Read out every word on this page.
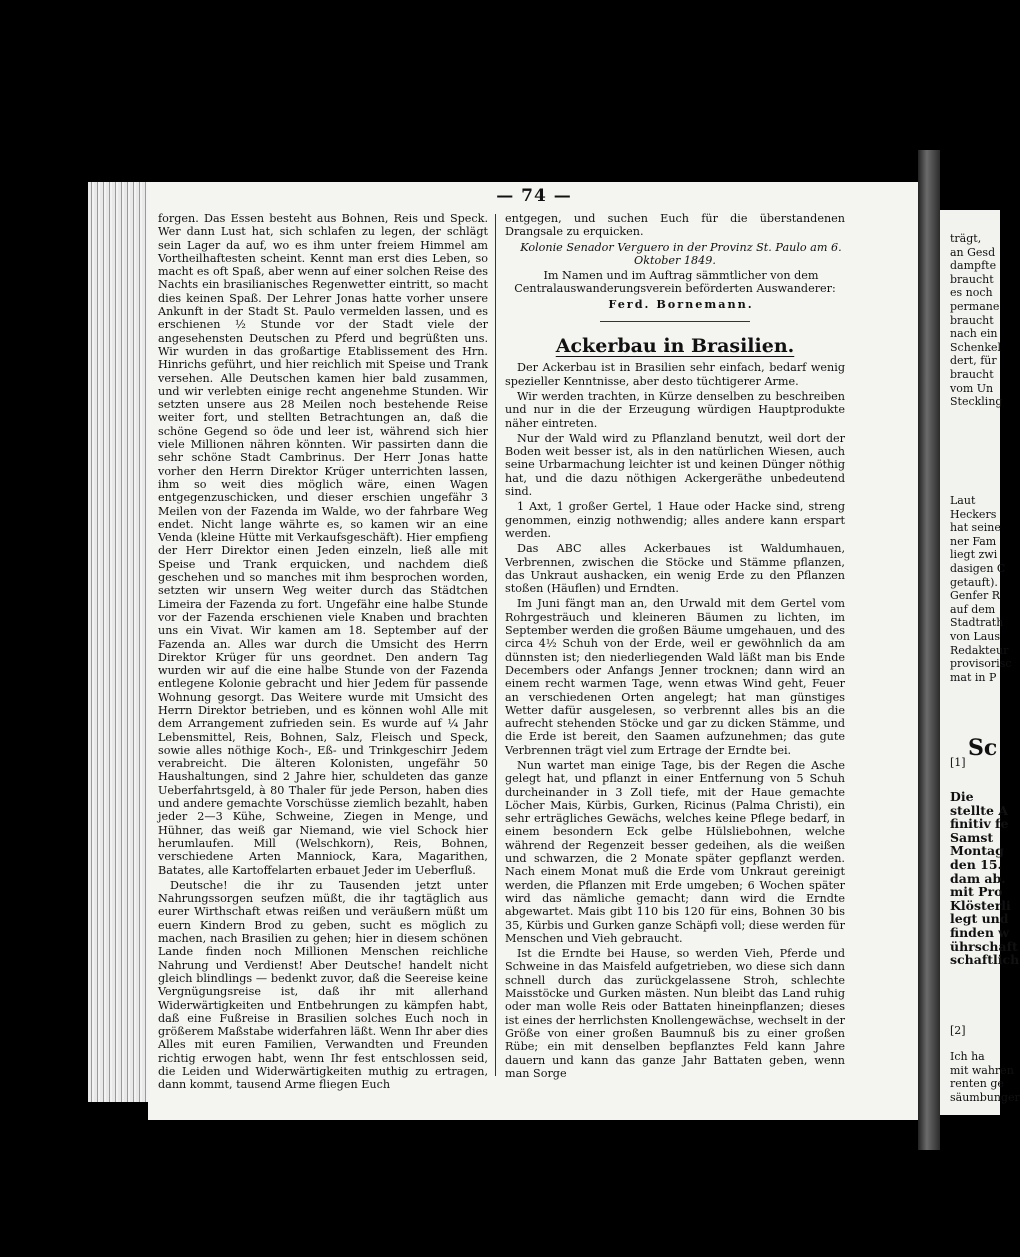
— 74 —

forgen. Das Essen besteht aus Bohnen, Reis und Speck. Wer dann Lust hat, sich schlafen zu legen, der schlägt sein Lager da auf, wo es ihm unter freiem Himmel am Vortheilhaftesten scheint. Kennt man erst dies Leben, so macht es oft Spaß, aber wenn auf einer solchen Reise des Nachts ein brasilianisches Regenwetter eintritt, so macht dies keinen Spaß. Der Lehrer Jonas hatte vorher unsere Ankunft in der Stadt St. Paulo vermelden lassen, und es erschienen ½ Stunde vor der Stadt viele der angesehensten Deutschen zu Pferd und begrüßten uns. Wir wurden in das großartige Etablissement des Hrn. Hinrichs geführt, und hier reichlich mit Speise und Trank versehen. Alle Deutschen kamen hier bald zusammen, und wir verlebten einige recht angenehme Stunden. Wir setzten unsere aus 28 Meilen noch bestehende Reise weiter fort, und stellten Betrachtungen an, daß die schöne Gegend so öde und leer ist, während sich hier viele Millionen nähren könnten. Wir passirten dann die sehr schöne Stadt Cambrinus. Der Herr Jonas hatte vorher den Herrn Direktor Krüger unterrichten lassen, ihm so weit dies möglich wäre, einen Wagen entgegenzuschicken, und dieser erschien ungefähr 3 Meilen von der Fazenda im Walde, wo der fahrbare Weg endet. Nicht lange währte es, so kamen wir an eine Venda (kleine Hütte mit Verkaufsgeschäft). Hier empfieng der Herr Direktor einen Jeden einzeln, ließ alle mit Speise und Trank erquicken, und nachdem dieß geschehen und so manches mit ihm besprochen worden, setzten wir unsern Weg weiter durch das Städtchen Limeira der Fazenda zu fort. Ungefähr eine halbe Stunde vor der Fazenda erschienen viele Knaben und brachten uns ein Vivat. Wir kamen am 18. September auf der Fazenda an. Alles war durch die Umsicht des Herrn Direktor Krüger für uns geordnet. Den andern Tag wurden wir auf die eine halbe Stunde von der Fazenda entlegene Kolonie gebracht und hier Jedem für passende Wohnung gesorgt. Das Weitere wurde mit Umsicht des Herrn Direktor betrieben, und es können wohl Alle mit dem Arrangement zufrieden sein. Es wurde auf ¼ Jahr Lebensmittel, Reis, Bohnen, Salz, Fleisch und Speck, sowie alles nöthige Koch-, Eß- und Trinkgeschirr Jedem verabreicht. Die älteren Kolonisten, ungefähr 50 Haushaltungen, sind 2 Jahre hier, schuldeten das ganze Ueberfahrtsgeld, à 80 Thaler für jede Person, haben dies und andere gemachte Vorschüsse ziemlich bezahlt, haben jeder 2—3 Kühe, Schweine, Ziegen in Menge, und Hühner, das weiß gar Niemand, wie viel Schock hier herumlaufen. Mill (Welschkorn), Reis, Bohnen, verschiedene Arten Manniock, Kara, Magarithen, Batates, alle Kartoffelarten erbauet Jeder im Ueberfluß.

Deutsche! die ihr zu Tausenden jetzt unter Nahrungssorgen seufzen müßt, die ihr tagtäglich aus eurer Wirthschaft etwas reißen und veräußern müßt um euern Kindern Brod zu geben, sucht es möglich zu machen, nach Brasilien zu gehen; hier in diesem schönen Lande finden noch Millionen Menschen reichliche Nahrung und Verdienst! Aber Deutsche! handelt nicht gleich blindlings — bedenkt zuvor, daß die Seereise keine Vergnügungsreise ist, daß ihr mit allerhand Widerwärtigkeiten und Entbehrungen zu kämpfen habt, daß eine Fußreise in Brasilien solches Euch noch in größerem Maßstabe widerfahren läßt. Wenn Ihr aber dies Alles mit euren Familien, Verwandten und Freunden richtig erwogen habt, wenn Ihr fest entschlossen seid, die Leiden und Widerwärtigkeiten muthig zu ertragen, dann kommt, tausend Arme fliegen Euch

entgegen, und suchen Euch für die überstandenen Drangsale zu erquicken.

Kolonie Senador Verguero in der Provinz St. Paulo am 6. Oktober 1849.

Im Namen und im Auftrag sämmtlicher von dem Centralauswanderungsverein beförderten Auswanderer:

Ferd. Bornemann.

Ackerbau in Brasilien.

Der Ackerbau ist in Brasilien sehr einfach, bedarf wenig spezieller Kenntnisse, aber desto tüchtigerer Arme.

Wir werden trachten, in Kürze denselben zu beschreiben und nur in die der Erzeugung würdigen Hauptprodukte näher eintreten.

Nur der Wald wird zu Pflanzland benutzt, weil dort der Boden weit besser ist, als in den natürlichen Wiesen, auch seine Urbarmachung leichter ist und keinen Dünger nöthig hat, und die dazu nöthigen Ackergeräthe unbedeutend sind.

1 Axt, 1 großer Gertel, 1 Haue oder Hacke sind, streng genommen, einzig nothwendig; alles andere kann erspart werden.

Das ABC alles Ackerbaues ist Waldumhauen, Verbrennen, zwischen die Stöcke und Stämme pflanzen, das Unkraut aushacken, ein wenig Erde zu den Pflanzen stoßen (Häuflen) und Erndten.

Im Juni fängt man an, den Urwald mit dem Gertel vom Rohrgesträuch und kleineren Bäumen zu lichten, im September werden die großen Bäume umgehauen, und des circa 4½ Schuh von der Erde, weil er gewöhnlich da am dünnsten ist; den niederliegenden Wald läßt man bis Ende Decembers oder Anfangs Jenner trocknen; dann wird an einem recht warmen Tage, wenn etwas Wind geht, Feuer an verschiedenen Orten angelegt; hat man günstiges Wetter dafür ausgelesen, so verbrennt alles bis an die aufrecht stehenden Stöcke und gar zu dicken Stämme, und die Erde ist bereit, den Saamen aufzunehmen; das gute Verbrennen trägt viel zum Ertrage der Erndte bei.

Nun wartet man einige Tage, bis der Regen die Asche gelegt hat, und pflanzt in einer Entfernung von 5 Schuh durcheinander in 3 Zoll tiefe, mit der Haue gemachte Löcher Mais, Kürbis, Gurken, Ricinus (Palma Christi), ein sehr erträgliches Gewächs, welches keine Pflege bedarf, in einem besondern Eck gelbe Hülsliebohnen, welche während der Regenzeit besser gedeihen, als die weißen und schwarzen, die 2 Monate später gepflanzt werden. Nach einem Monat muß die Erde vom Unkraut gereinigt werden, die Pflanzen mit Erde umgeben; 6 Wochen später wird das nämliche gemacht; dann wird die Erndte abgewartet. Mais gibt 110 bis 120 für eins, Bohnen 30 bis 35, Kürbis und Gurken ganze Schäpfi voll; diese werden für Menschen und Vieh gebraucht.

Ist die Erndte bei Hause, so werden Vieh, Pferde und Schweine in das Maisfeld aufgetrieben, wo diese sich dann schnell durch das zurückgelassene Stroh, schlechte Maisstöcke und Gurken mästen. Nun bleibt das Land ruhig oder man wolle Reis oder Battaten hineinpflanzen; dieses ist eines der herrlichsten Knollengewächse, wechselt in der Größe von einer großen Baumnuß bis zu einer großen Rübe; ein mit denselben bepflanztes Feld kann Jahre dauern und kann das ganze Jahr Battaten geben, wenn man Sorge

trägt,
an Gesd
dampfte
braucht
es noch
permane
braucht
nach ein
Schenkel
dert, für
braucht
vom Un
Steckling
Laut
Heckers
hat seine
ner Fam
liegt zwi
dasigen C
getauft).
Genfer R
auf dem
Stadtrath
von Laus
Redakteur
provisorisc
mat in P
[1]
Sc
Die
stellte A
finitiv fe
Samst
Montag
den 15.
dam ab.
mit Pro
Klösterli
legt und
finden w
ührschaft
schaftlich
[2]
Ich ha
mit wahren
renten ge
säumbunger
